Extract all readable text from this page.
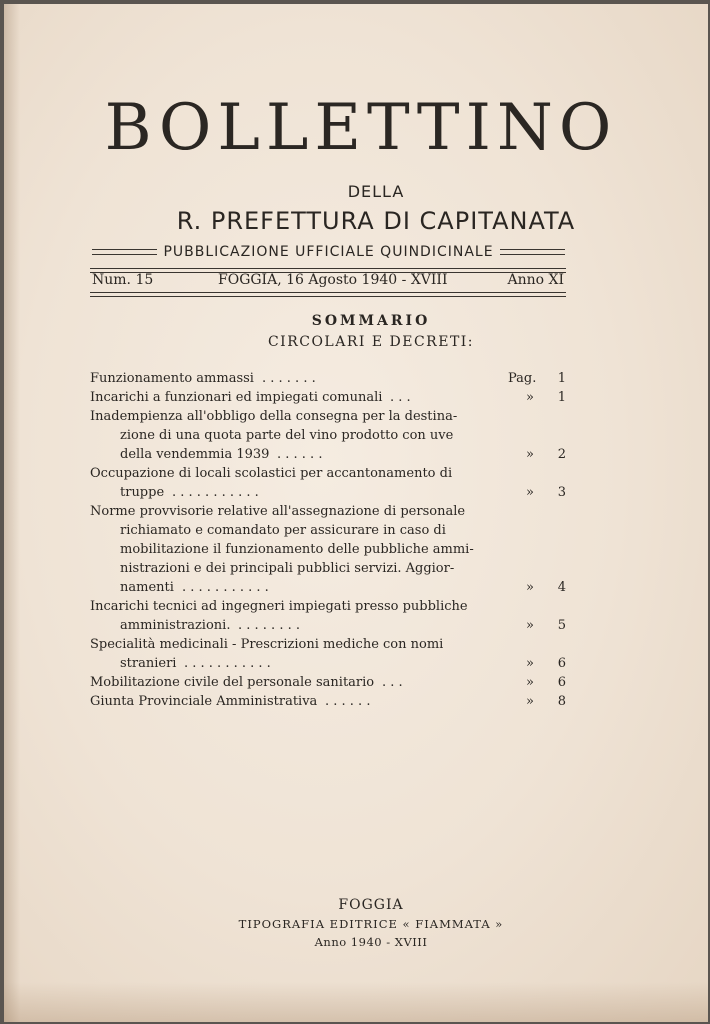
BOLLETTINO
DELLA
R. PREFETTURA DI CAPITANATA
PUBBLICAZIONE UFFICIALE QUINDICINALE
Num. 15	FOGGIA, 16 Agosto 1940 - XVIII	Anno XI
SOMMARIO
CIRCOLARI E DECRETI:
Funzionamento ammassi . . . . . . .	Pag. 1
Incarichi a funzionari ed impiegati comunali . . .	» 1
Inadempienza all'obbligo della consegna per la destina-
zione di una quota parte del vino prodotto con uve
della vendemmia 1939 . . . . . .	» 2
Occupazione di locali scolastici per accantonamento di
truppe . . . . . . . . . . .	» 3
Norme provvisorie relative all'assegnazione di personale
richiamato e comandato per assicurare in caso di
mobilitazione il funzionamento delle pubbliche ammi-
nistrazioni e dei principali pubblici servizi. Aggior-
namenti . . . . . . . . . . .	» 4
Incarichi tecnici ad ingegneri impiegati presso pubbliche
amministrazioni. . . . . . . . .	» 5
Specialità medicinali - Prescrizioni mediche con nomi
stranieri . . . . . . . . . . .	» 6
Mobilitazione civile del personale sanitario . . .	» 6
Giunta Provinciale Amministrativa . . . . . .	» 8
FOGGIA
TIPOGRAFIA EDITRICE « FIAMMATA »
Anno 1940 - XVIII
